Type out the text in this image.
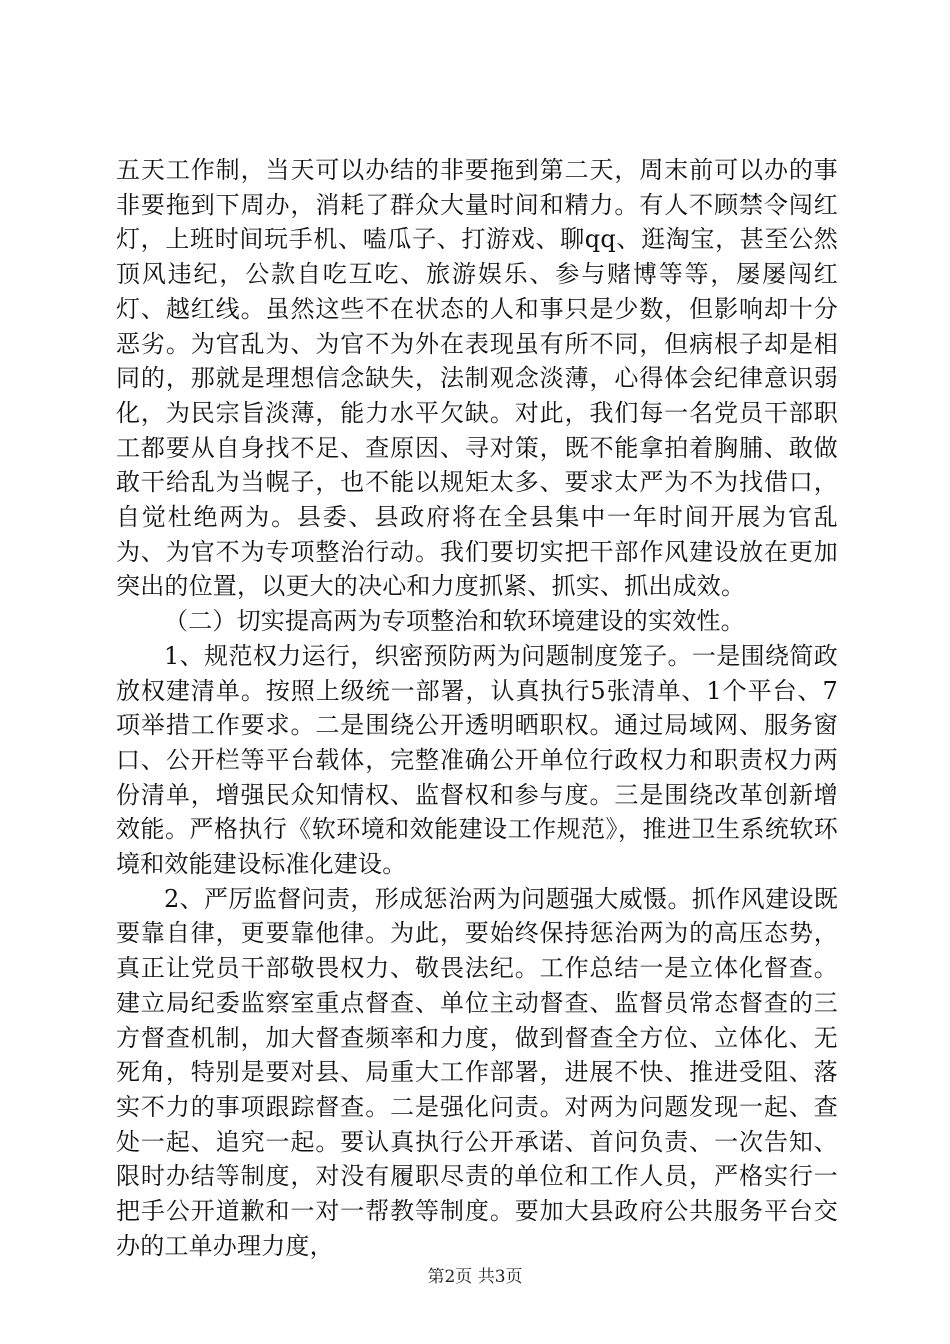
五天工作制，当天可以办结的非要拖到第二天，周末前可以办的事非要拖到下周办，消耗了群众大量时间和精力。有人不顾禁令闯红灯，上班时间玩手机、嗑瓜子、打游戏、聊qq、逛淘宝，甚至公然顶风违纪，公款自吃互吃、旅游娱乐、参与赌博等等，屡屡闯红灯、越红线。虽然这些不在状态的人和事只是少数，但影响却十分恶劣。为官乱为、为官不为外在表现虽有所不同，但病根子却是相同的，那就是理想信念缺失，法制观念淡薄，心得体会纪律意识弱化，为民宗旨淡薄，能力水平欠缺。对此，我们每一名党员干部职工都要从自身找不足、查原因、寻对策，既不能拿拍着胸脯、敢做敢干给乱为当幌子，也不能以规矩太多、要求太严为不为找借口，自觉杜绝两为。县委、县政府将在全县集中一年时间开展为官乱为、为官不为专项整治行动。我们要切实把干部作风建设放在更加突出的位置，以更大的决心和力度抓紧、抓实、抓出成效。

（二）切实提高两为专项整治和软环境建设的实效性。

1、规范权力运行，织密预防两为问题制度笼子。一是围绕简政放权建清单。按照上级统一部署，认真执行5张清单、1个平台、7项举措工作要求。二是围绕公开透明晒职权。通过局域网、服务窗口、公开栏等平台载体，完整准确公开单位行政权力和职责权力两份清单，增强民众知情权、监督权和参与度。三是围绕改革创新增效能。严格执行《软环境和效能建设工作规范》，推进卫生系统软环境和效能建设标准化建设。

2、严厉监督问责，形成惩治两为问题强大威慑。抓作风建设既要靠自律，更要靠他律。为此，要始终保持惩治两为的高压态势，真正让党员干部敬畏权力、敬畏法纪。工作总结一是立体化督查。建立局纪委监察室重点督查、单位主动督查、监督员常态督查的三方督查机制，加大督查频率和力度，做到督查全方位、立体化、无死角，特别是要对县、局重大工作部署，进展不快、推进受阻、落实不力的事项跟踪督查。二是强化问责。对两为问题发现一起、查处一起、追究一起。要认真执行公开承诺、首问负责、一次告知、限时办结等制度，对没有履职尽责的单位和工作人员，严格实行一把手公开道歉和一对一帮教等制度。要加大县政府公共服务平台交办的工单办理力度，

第2页 共3页
